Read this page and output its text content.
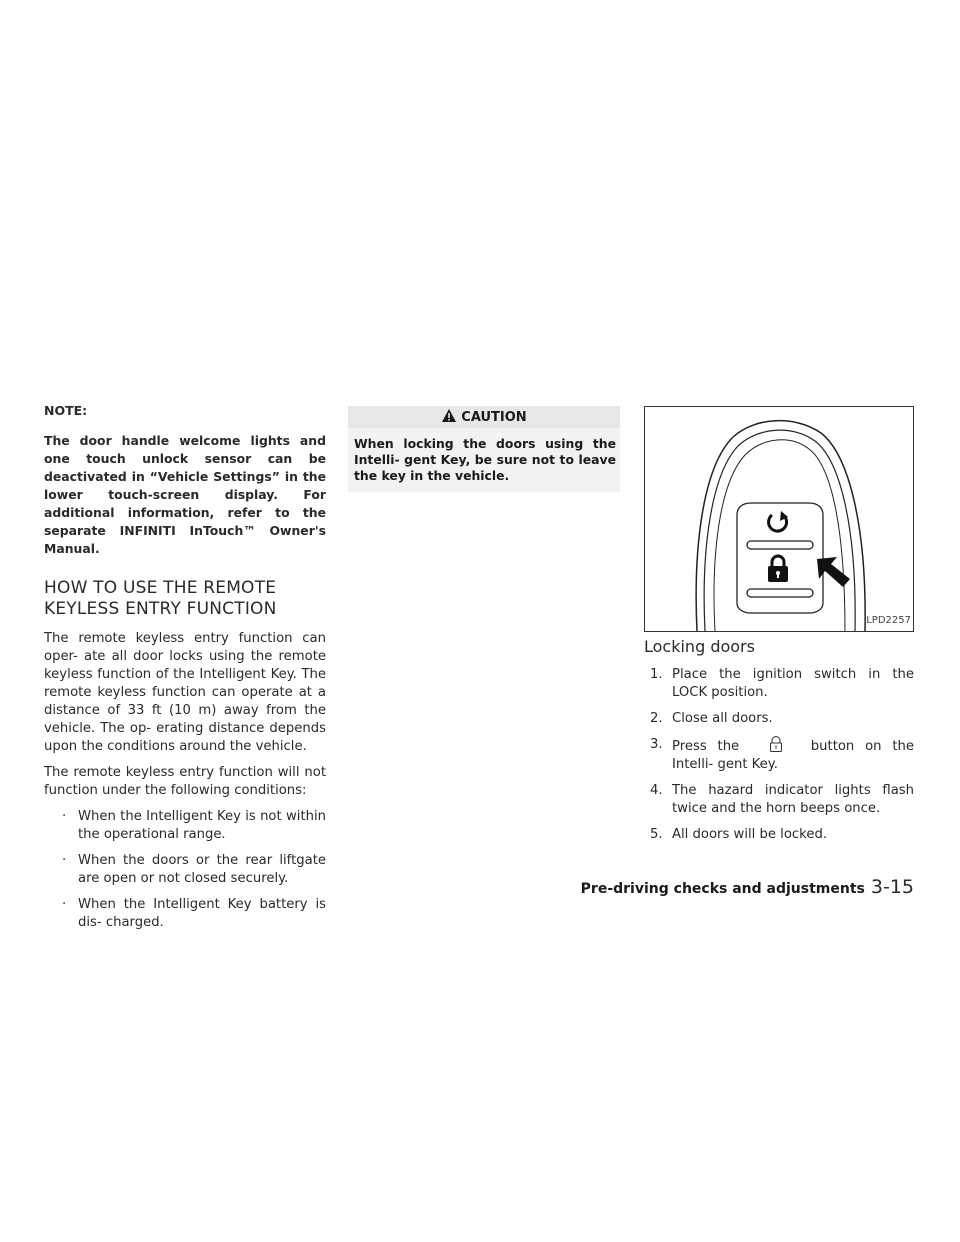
NOTE:

The door handle welcome lights and one touch unlock sensor can be deactivated in “Vehicle Settings” in the lower touch-screen display. For additional information, refer to the separate INFINITI InTouch™ Owner's Manual.

HOW TO USE THE REMOTE
KEYLESS ENTRY FUNCTION

The remote keyless entry function can oper- ate all door locks using the remote keyless function of the Intelligent Key. The remote keyless function can operate at a distance of 33 ft (10 m) away from the vehicle. The op- erating distance depends upon the conditions around the vehicle.

The remote keyless entry function will not function under the following conditions:

· When the Intelligent Key is not within the operational range.
· When the doors or the rear liftgate are open or not closed securely.
· When the Intelligent Key battery is dis- charged.
CAUTION
When locking the doors using the Intelli- gent Key, be sure not to leave the key in the vehicle.
LPD2257
Locking doors
1. Place the ignition switch in the LOCK position.
2. Close all doors.
3. Press the	button on the Intelli- gent Key.
4. The hazard indicator lights flash twice and the horn beeps once.
5. All doors will be locked.
Pre-driving checks and adjustments 3-15
